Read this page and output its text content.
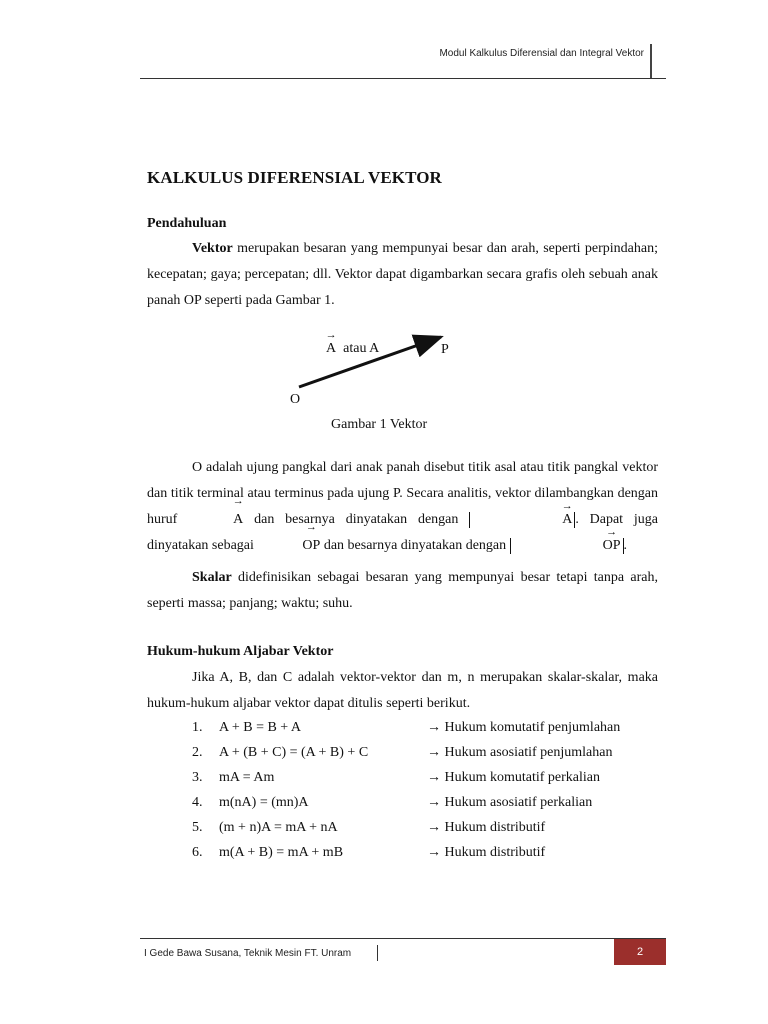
Modul Kalkulus Diferensial dan Integral Vektor
KALKULUS DIFERENSIAL VEKTOR
Pendahuluan
Vektor merupakan besaran yang mempunyai besar dan arah, seperti perpindahan; kecepatan; gaya; percepatan; dll. Vektor dapat digambarkan secara grafis oleh sebuah anak panah OP seperti pada Gambar 1.
→ A atau A	P
O
Gambar 1 Vektor
O adalah ujung pangkal dari anak panah disebut titik asal atau titik pangkal vektor dan titik terminal atau terminus pada ujung P. Secara analitis, vektor dilambangkan dengan huruf	→ A dan besarnya dinyatakan dengan	→ A . Dapat juga dinyatakan sebagai	→ OP dan besarnya dinyatakan dengan	→ OP .
Skalar didefinisikan sebagai besaran yang mempunyai besar tetapi tanpa arah, seperti massa; panjang; waktu; suhu.
Hukum-hukum Aljabar Vektor
Jika A, B, dan C adalah vektor-vektor dan m, n merupakan skalar-skalar, maka hukum-hukum aljabar vektor dapat ditulis seperti berikut.
1. A + B = B + A	→ Hukum komutatif penjumlahan
2. A + (B + C) = (A + B) + C	→ Hukum asosiatif penjumlahan
3. mA = Am	→ Hukum komutatif perkalian
4. m(nA) = (mn)A	→ Hukum asosiatif perkalian
5. (m + n)A = mA + nA	→ Hukum distributif
6. m(A + B) = mA + mB	→ Hukum distributif
I Gede Bawa Susana, Teknik Mesin FT. Unram	2
